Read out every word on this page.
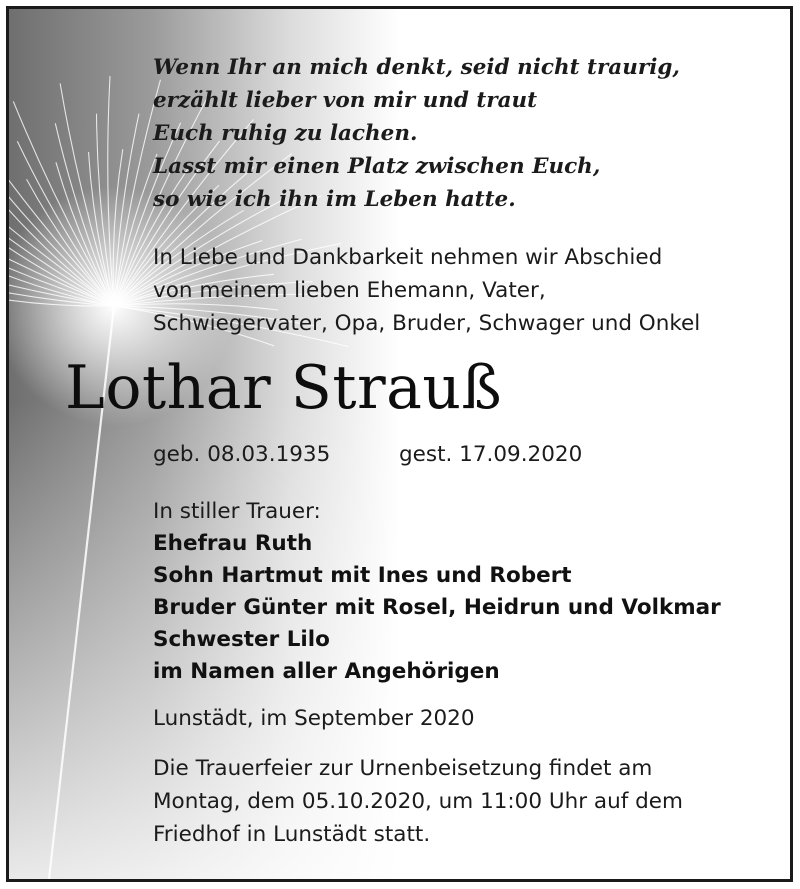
Wenn Ihr an mich denkt, seid nicht traurig,
erzählt lieber von mir und traut
Euch ruhig zu lachen.
Lasst mir einen Platz zwischen Euch,
so wie ich ihn im Leben hatte.
In Liebe und Dankbarkeit nehmen wir Abschied
von meinem lieben Ehemann, Vater,
Schwiegervater, Opa, Bruder, Schwager und Onkel
Lothar Strauß
geb. 08.03.1935	gest. 17.09.2020
In stiller Trauer:
Ehefrau Ruth
Sohn Hartmut mit Ines und Robert
Bruder Günter mit Rosel, Heidrun und Volkmar
Schwester Lilo
im Namen aller Angehörigen
Lunstädt, im September 2020
Die Trauerfeier zur Urnenbeisetzung findet am
Montag, dem 05.10.2020, um 11:00 Uhr auf dem
Friedhof in Lunstädt statt.
